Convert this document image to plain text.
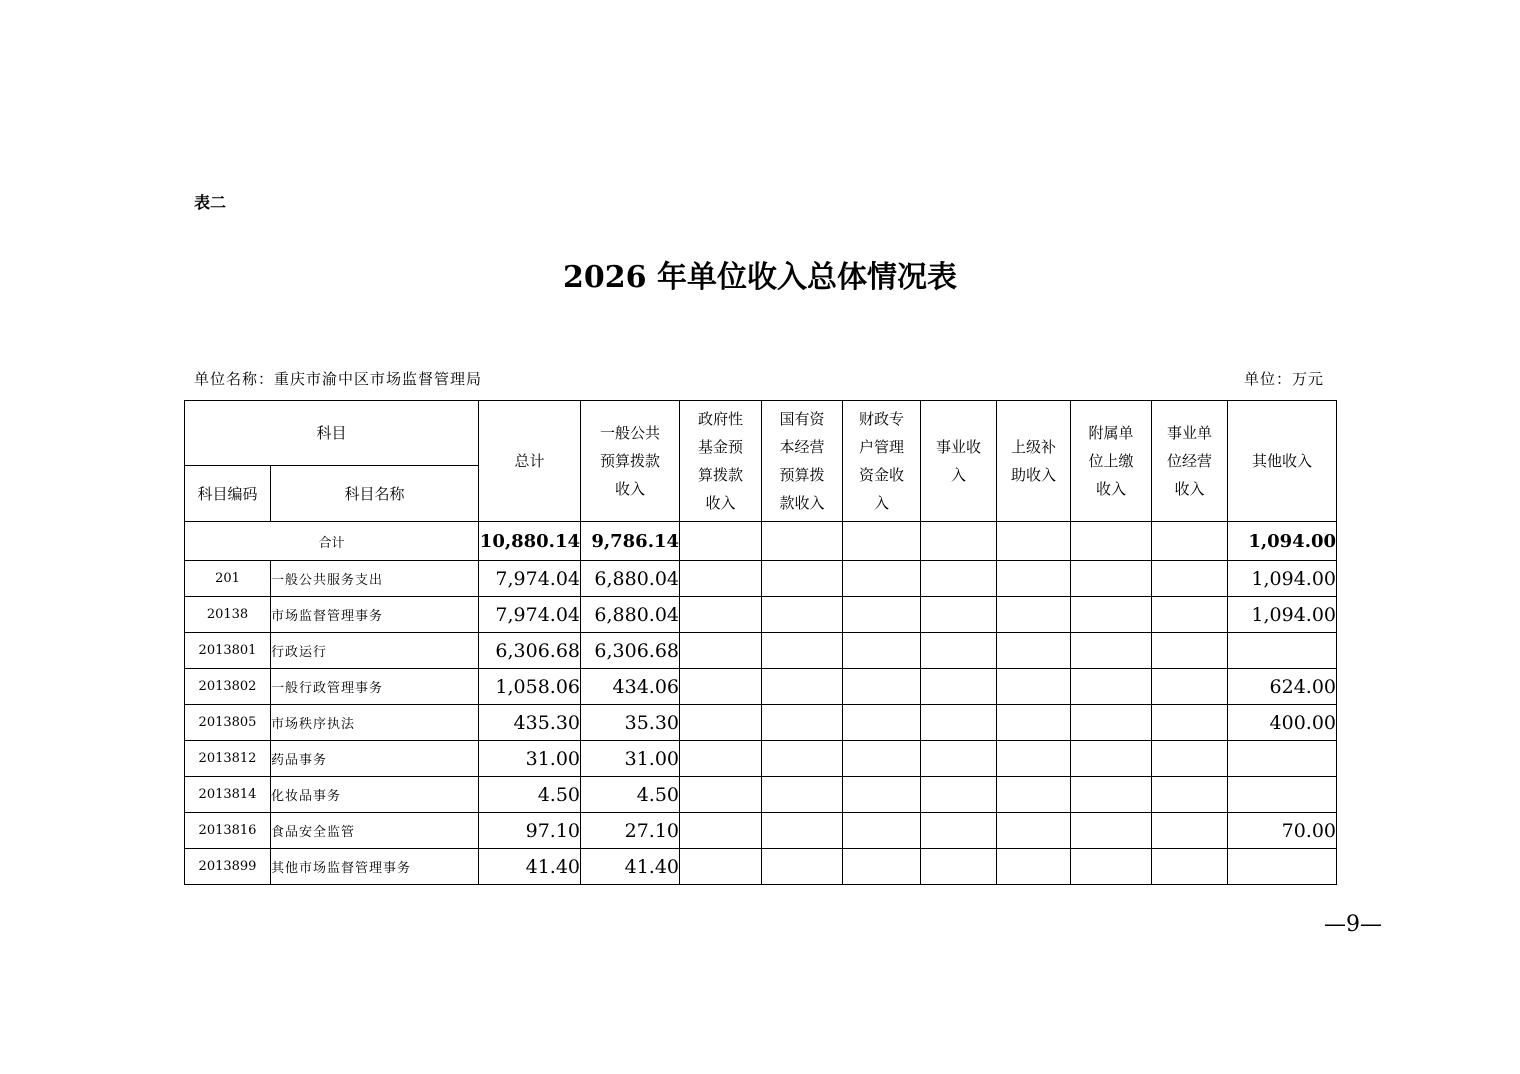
表二
2026 年单位收入总体情况表
单位名称：重庆市渝中区市场监督管理局	单位：万元
科目		总计	一般公共预算拨款收入	政府性基金预算拨款收入	国有资本经营预算拨款收入	财政专户管理资金收入	事业收入	上级补助收入	附属单位上缴收入	事业单位经营收入	其他收入
科目编码	科目名称										
合计		10,880.14	9,786.14								1,094.00
201	一般公共服务支出	7,974.04	6,880.04								1,094.00
20138	市场监督管理事务	7,974.04	6,880.04								1,094.00
2013801	行政运行	6,306.68	6,306.68								
2013802	一般行政管理事务	1,058.06	434.06								624.00
2013805	市场秩序执法	435.30	35.30								400.00
2013812	药品事务	31.00	31.00								
2013814	化妆品事务	4.50	4.50								
2013816	食品安全监管	97.10	27.10								70.00
2013899	其他市场监督管理事务	41.40	41.40								
—9—
